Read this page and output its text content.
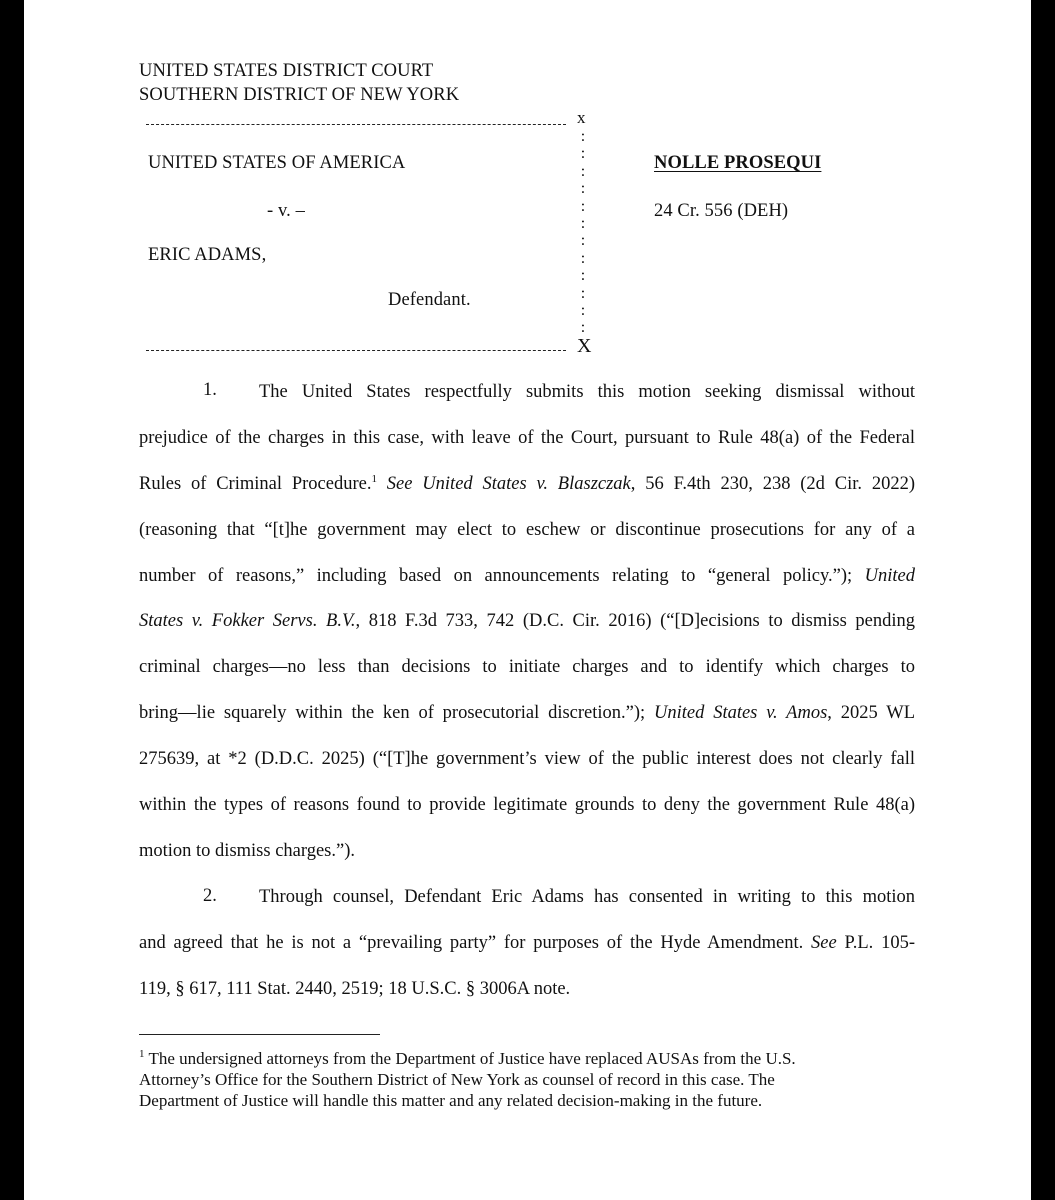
UNITED STATES DISTRICT COURT
SOUTHERN DISTRICT OF NEW YORK
x
:
:
:
:
:
:
:
:
:
:
:
:
UNITED STATES OF AMERICA
- v. –
ERIC ADAMS,
Defendant.
NOLLE PROSEQUI
24 Cr. 556 (DEH)
X
1. The United States respectfully submits this motion seeking dismissal without
prejudice of the charges in this case, with leave of the Court, pursuant to Rule 48(a) of the Federal
Rules of Criminal Procedure.$^1$ See United States v. Blaszczak, 56 F.4th 230, 238 (2d Cir. 2022)
(reasoning that “[t]he government may elect to eschew or discontinue prosecutions for any of a
number of reasons,” including based on announcements relating to “general policy.”); United
States v. Fokker Servs. B.V., 818 F.3d 733, 742 (D.C. Cir. 2016) (“[D]ecisions to dismiss pending
criminal charges—no less than decisions to initiate charges and to identify which charges to
bring—lie squarely within the ken of prosecutorial discretion.”); United States v. Amos, 2025 WL
275639, at *2 (D.D.C. 2025) (“[T]he government’s view of the public interest does not clearly fall
within the types of reasons found to provide legitimate grounds to deny the government Rule 48(a)
motion to dismiss charges.”).
2. Through counsel, Defendant Eric Adams has consented in writing to this motion
and agreed that he is not a “prevailing party” for purposes of the Hyde Amendment. See P.L. 105-
119, § 617, 111 Stat. 2440, 2519; 18 U.S.C. § 3006A note.
$^1$ The undersigned attorneys from the Department of Justice have replaced AUSAs from the U.S.
Attorney’s Office for the Southern District of New York as counsel of record in this case. The
Department of Justice will handle this matter and any related decision-making in the future.
